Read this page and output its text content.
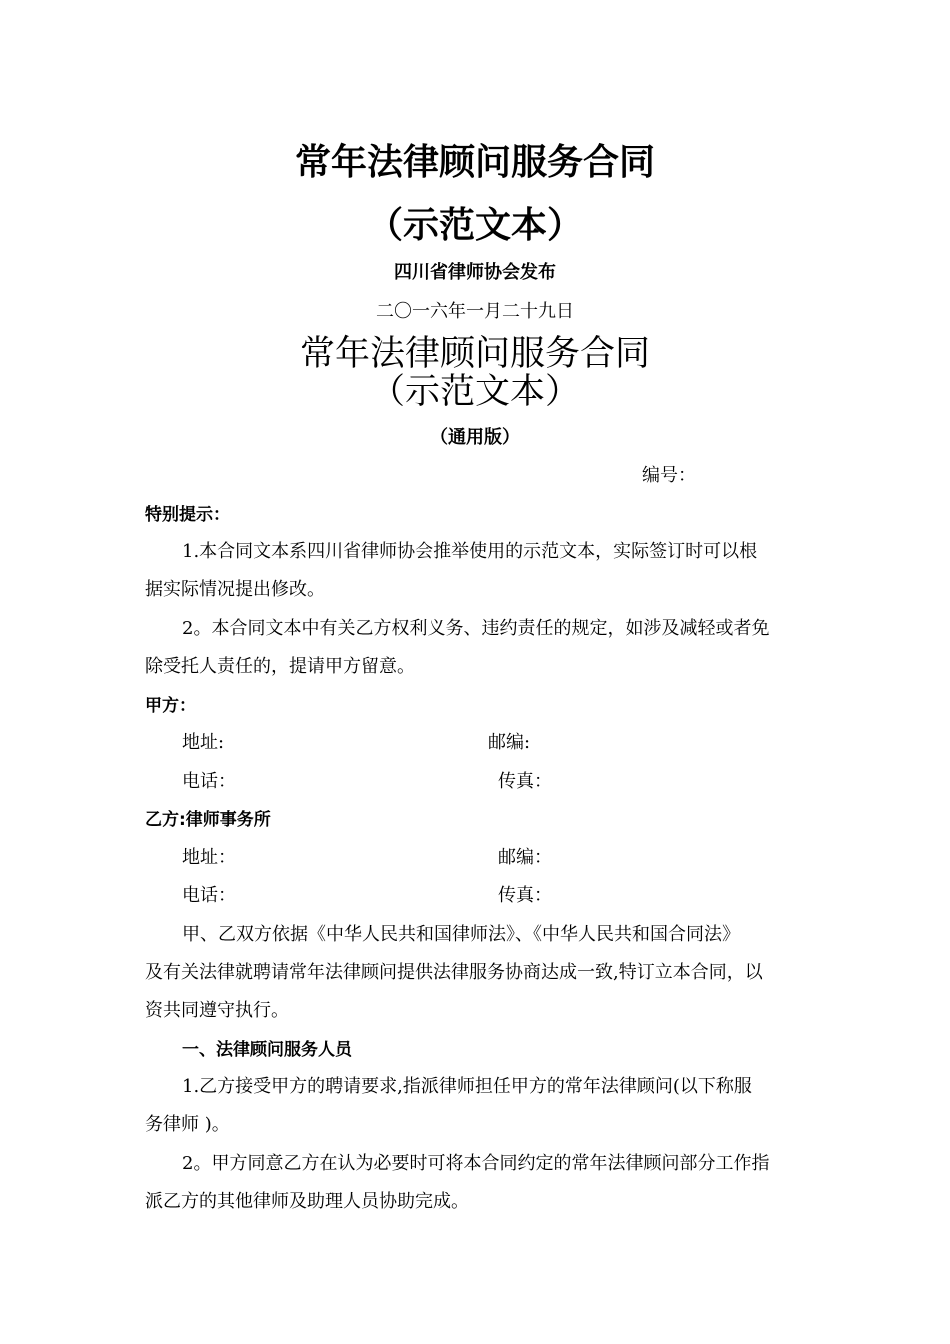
常年法律顾问服务合同
（示范文本）
四川省律师协会发布
二〇一六年一月二十九日
常年法律顾问服务合同
（示范文本）
（通用版）
编号：
特别提示：
1.本合同文本系四川省律师协会推举使用的示范文本，实际签订时可以根
据实际情况提出修改。
2。本合同文本中有关乙方权利义务、违约责任的规定，如涉及减轻或者免
除受托人责任的，提请甲方留意。
甲方：
地址:	邮编:
电话：	传真：
乙方:律师事务所
地址：	邮编：
电话：	传真：
甲、乙双方依据《中华人民共和国律师法》、《中华人民共和国合同法》
及有关法律就聘请常年法律顾问提供法律服务协商达成一致,特订立本合同，以
资共同遵守执行。
一、法律顾问服务人员
1.乙方接受甲方的聘请要求,指派律师担任甲方的常年法律顾问(以下称服
务律师 )。
2。甲方同意乙方在认为必要时可将本合同约定的常年法律顾问部分工作指
派乙方的其他律师及助理人员协助完成。
